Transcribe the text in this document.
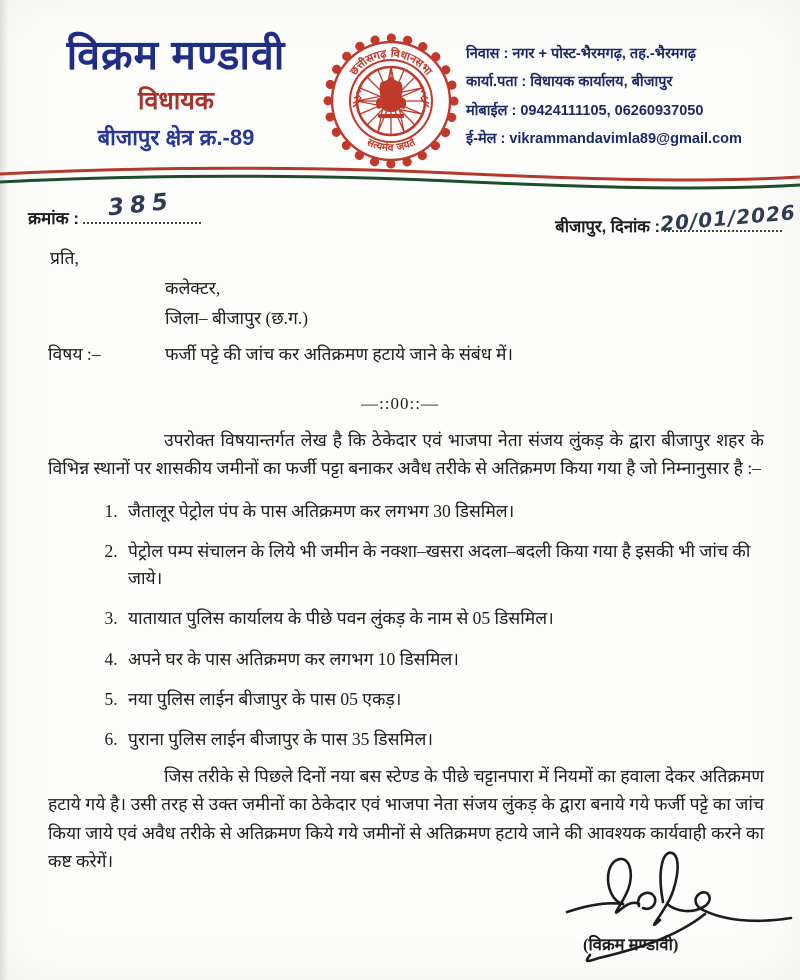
विक्रम मण्डावी
विधायक
बीजापुर क्षेत्र क्र.-89
छत्तीसगढ़ विधानसभा
सत्यमेव जयते
निवास : नगर + पोस्ट-भैरमगढ़, तह.-भैरमगढ़
कार्या.पता : विधायक कार्यालय, बीजापुर
मोबाईल : 09424111105, 06260937050
ई-मेल : vikrammandavimla89@gmail.com
क्रमांक : 385
बीजापुर, दिनांक : 20/01/2026
प्रति,
कलेक्टर,
जिला– बीजापुर (छ.ग.)
विषय :–	फर्जी पट्टे की जांच कर अतिक्रमण हटाये जाने के संबंध में।
—::00::—
उपरोक्त विषयान्तर्गत लेख है कि ठेकेदार एवं भाजपा नेता संजय लुंकड़ के द्वारा बीजापुर शहर के विभिन्न स्थानों पर शासकीय जमीनों का फर्जी पट्टा बनाकर अवैध तरीके से अतिक्रमण किया गया है जो निम्नानुसार है :–
1. जैतालूर पेट्रोल पंप के पास अतिक्रमण कर लगभग 30 डिसमिल।
2. पेट्रोल पम्प संचालन के लिये भी जमीन के नक्शा–खसरा अदला–बदली किया गया है इसकी भी जांच की जाये।
3. यातायात पुलिस कार्यालय के पीछे पवन लुंकड़ के नाम से 05 डिसमिल।
4. अपने घर के पास अतिक्रमण कर लगभग 10 डिसमिल।
5. नया पुलिस लाईन बीजापुर के पास 05 एकड़।
6. पुराना पुलिस लाईन बीजापुर के पास 35 डिसमिल।
जिस तरीके से पिछले दिनों नया बस स्टेण्ड के पीछे चट्टानपारा में नियमों का हवाला देकर अतिक्रमण हटाये गये है। उसी तरह से उक्त जमीनों का ठेकेदार एवं भाजपा नेता संजय लुंकड़ के द्वारा बनाये गये फर्जी पट्टे का जांच किया जाये एवं अवैध तरीके से अतिक्रमण किये गये जमीनों से अतिक्रमण हटाये जाने की आवश्यक कार्यवाही करने का कष्ट करेगें।
(विक्रम मण्डावी)
